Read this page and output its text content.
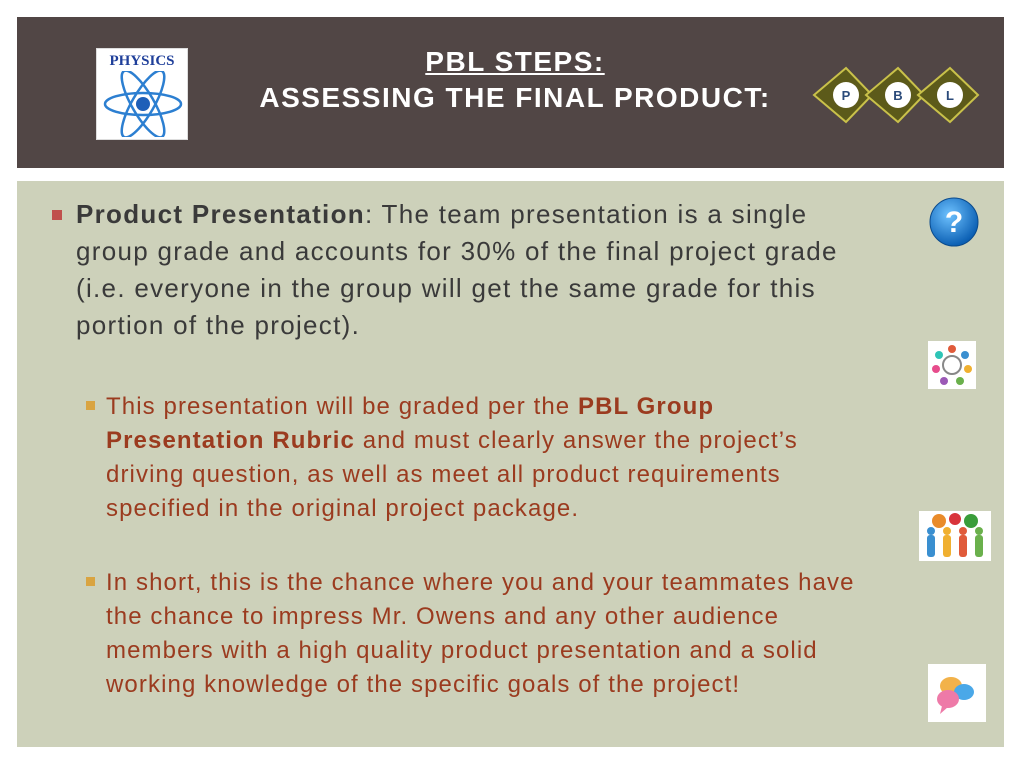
PHYSICS	PBL STEPS:
ASSESSING THE FINAL PRODUCT:	P	B	L
Product Presentation: The team presentation is a single group grade and accounts for 30% of the final project grade (i.e. everyone in the group will get the same grade for this portion of the project).
This presentation will be graded per the PBL Group Presentation Rubric and must clearly answer the project’s driving question, as well as meet all product requirements specified in the original project package.
In short, this is the chance where you and your teammates have the chance to impress Mr. Owens and any other audience members with a high quality product presentation and a solid working knowledge of the specific goals of the project!
?
